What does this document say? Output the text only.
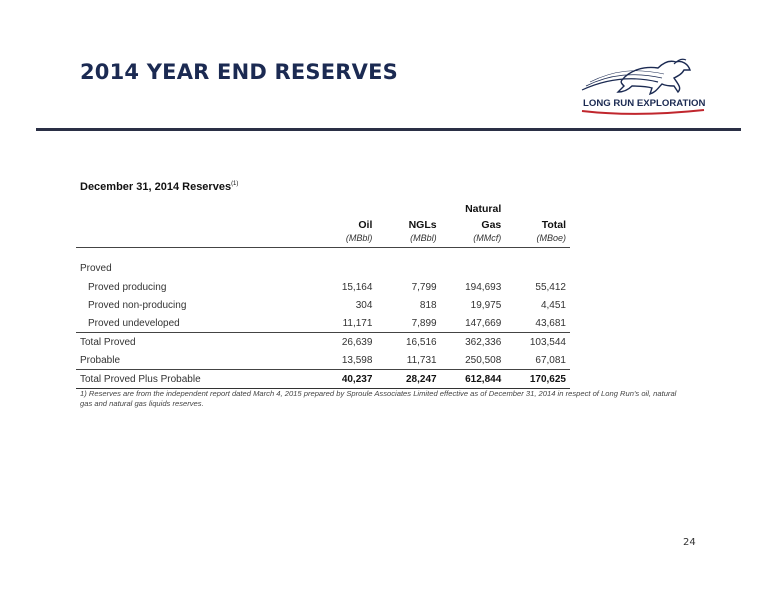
2014 YEAR END RESERVES
LONG RUN EXPLORATION
December 31, 2014 Reserves$^{(1)}$
			Natural	
	Oil	NGLs	Gas	Total
	(MBbl)	(MBbl)	(MMcf)	(MBoe)
Proved				
Proved producing	15,164	7,799	194,693	55,412
Proved non-producing	304	818	19,975	4,451
Proved undeveloped	11,171	7,899	147,669	43,681
Total Proved	26,639	16,516	362,336	103,544
Probable	13,598	11,731	250,508	67,081
Total Proved Plus Probable	40,237	28,247	612,844	170,625
1) Reserves are from the independent report dated March 4, 2015 prepared by Sproule Associates Limited effective as of December 31, 2014 in respect of Long Run's oil, natural gas and natural gas liquids reserves.
24
